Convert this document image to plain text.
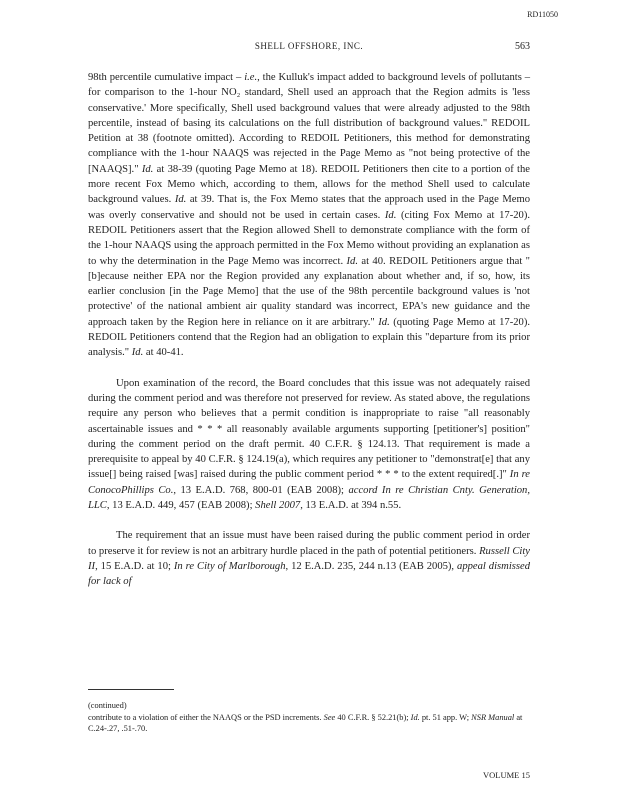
RD11050
SHELL OFFSHORE, INC.	563

98th percentile cumulative impact – i.e., the Kulluk's impact added to background levels of pollutants – for comparison to the 1-hour NO₂ standard, Shell used an approach that the Region admits is 'less conservative.' More specifically, Shell used background values that were already adjusted to the 98th percentile, instead of basing its calculations on the full distribution of background values." REDOIL Petition at 38 (footnote omitted). According to REDOIL Petitioners, this method for demonstrating compliance with the 1-hour NAAQS was rejected in the Page Memo as "not being protective of the [NAAQS]." Id. at 38-39 (quoting Page Memo at 18). REDOIL Petitioners then cite to a portion of the more recent Fox Memo which, according to them, allows for the method Shell used to calculate background values. Id. at 39. That is, the Fox Memo states that the approach used in the Page Memo was overly conservative and should not be used in certain cases. Id. (citing Fox Memo at 17-20). REDOIL Petitioners assert that the Region allowed Shell to demonstrate compliance with the form of the 1-hour NAAQS using the approach permitted in the Fox Memo without providing an explanation as to why the determination in the Page Memo was incorrect. Id. at 40. REDOIL Petitioners argue that "[b]ecause neither EPA nor the Region provided any explanation about whether and, if so, how, its earlier conclusion [in the Page Memo] that the use of the 98th percentile background values is 'not protective' of the national ambient air quality standard was incorrect, EPA's new guidance and the approach taken by the Region here in reliance on it are arbitrary." Id. (quoting Page Memo at 17-20). REDOIL Petitioners contend that the Region had an obligation to explain this "departure from its prior analysis." Id. at 40-41.

Upon examination of the record, the Board concludes that this issue was not adequately raised during the comment period and was therefore not preserved for review. As stated above, the regulations require any person who believes that a permit condition is inappropriate to raise "all reasonably ascertainable issues and * * * all reasonably available arguments supporting [petitioner's] position" during the comment period on the draft permit. 40 C.F.R. § 124.13. That requirement is made a prerequisite to appeal by 40 C.F.R. § 124.19(a), which requires any petitioner to "demonstrat[e] that any issue[] being raised [was] raised during the public comment period * * * to the extent required[.]" In re ConocoPhillips Co., 13 E.A.D. 768, 800-01 (EAB 2008); accord In re Christian Cnty. Generation, LLC, 13 E.A.D. 449, 457 (EAB 2008); Shell 2007, 13 E.A.D. at 394 n.55.

The requirement that an issue must have been raised during the public comment period in order to preserve it for review is not an arbitrary hurdle placed in the path of potential petitioners. Russell City II, 15 E.A.D. at 10; In re City of Marlborough, 12 E.A.D. 235, 244 n.13 (EAB 2005), appeal dismissed for lack of

(continued)

contribute to a violation of either the NAAQS or the PSD increments. See 40 C.F.R. § 52.21(b); Id. pt. 51 app. W; NSR Manual at C.24-.27, .51-.70.

VOLUME 15
